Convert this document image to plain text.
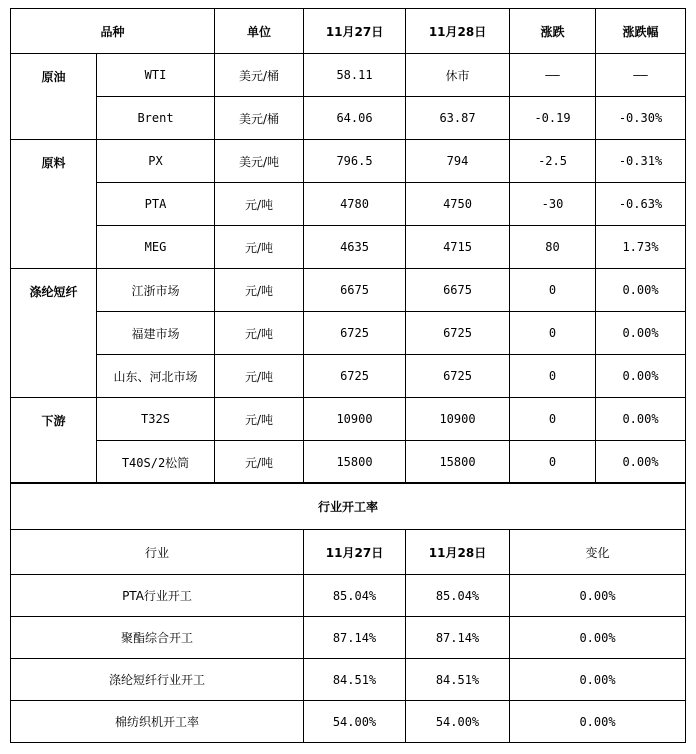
品种		单位	11月27日	11月28日	涨跌	涨跌幅
原油	WTI	美元/桶	58.11	休市	——	——
	Brent	美元/桶	64.06	63.87	-0.19	-0.30%
原料	PX	美元/吨	796.5	794	-2.5	-0.31%
	PTA	元/吨	4780	4750	-30	-0.63%
	MEG	元/吨	4635	4715	80	1.73%
涤纶短纤	江浙市场	元/吨	6675	6675	0	0.00%
	福建市场	元/吨	6725	6725	0	0.00%
	山东、河北市场	元/吨	6725	6725	0	0.00%
下游	T32S	元/吨	10900	10900	0	0.00%
	T40S/2松筒	元/吨	15800	15800	0	0.00%
行业开工率			
行业	11月27日	11月28日	变化
PTA行业开工	85.04%	85.04%	0.00%
聚酯综合开工	87.14%	87.14%	0.00%
涤纶短纤行业开工	84.51%	84.51%	0.00%
棉纺织机开工率	54.00%	54.00%	0.00%
